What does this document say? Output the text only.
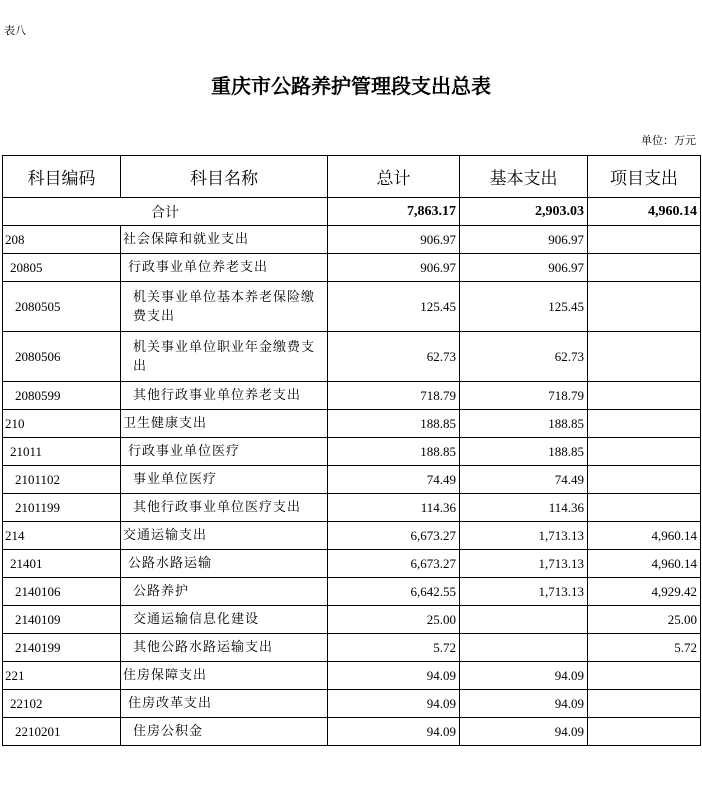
表八
重庆市公路养护管理段支出总表
单位：万元
科目编码	科目名称	总计	基本支出	项目支出
合计		7,863.17	2,903.03	4,960.14
208	社会保障和就业支出	906.97	906.97	
20805	行政事业单位养老支出	906.97	906.97	
2080505	机关事业单位基本养老保险缴费支出	125.45	125.45	
2080506	机关事业单位职业年金缴费支出	62.73	62.73	
2080599	其他行政事业单位养老支出	718.79	718.79	
210	卫生健康支出	188.85	188.85	
21011	行政事业单位医疗	188.85	188.85	
2101102	事业单位医疗	74.49	74.49	
2101199	其他行政事业单位医疗支出	114.36	114.36	
214	交通运输支出	6,673.27	1,713.13	4,960.14
21401	公路水路运输	6,673.27	1,713.13	4,960.14
2140106	公路养护	6,642.55	1,713.13	4,929.42
2140109	交通运输信息化建设	25.00		25.00
2140199	其他公路水路运输支出	5.72		5.72
221	住房保障支出	94.09	94.09	
22102	住房改革支出	94.09	94.09	
2210201	住房公积金	94.09	94.09	
